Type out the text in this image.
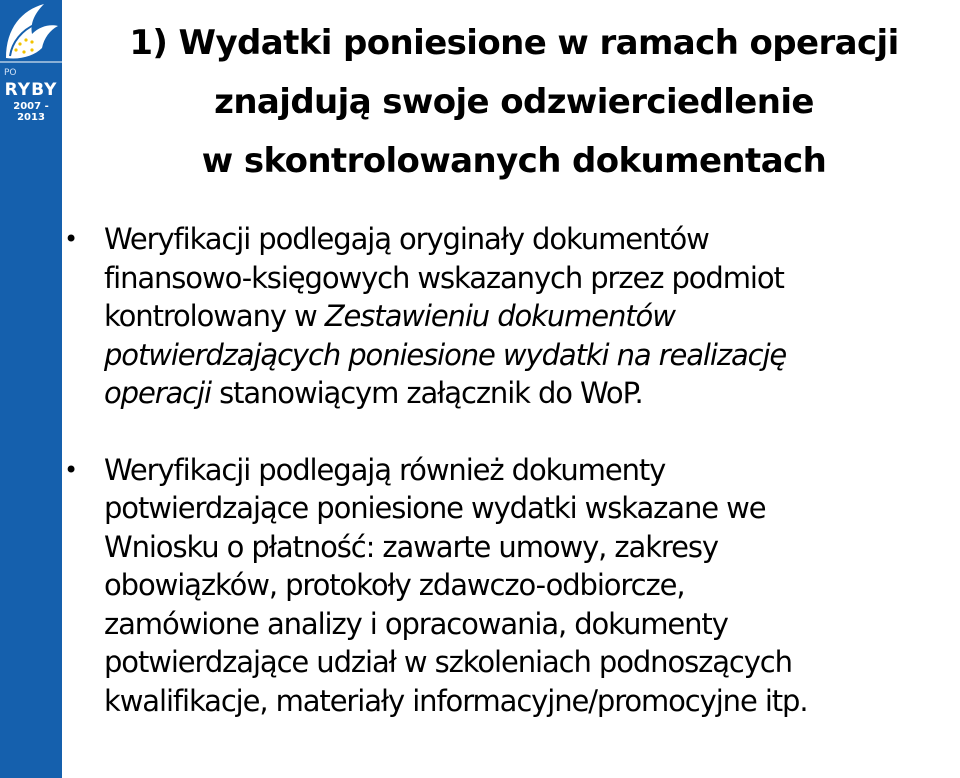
PO
RYBY
2007 - 2013
1) Wydatki poniesione w ramach operacji
znajdują swoje odzwierciedlenie
w skontrolowanych dokumentach
• Weryfikacji podlegają oryginały dokumentów
finansowo-księgowych wskazanych przez podmiot
kontrolowany w Zestawieniu dokumentów
potwierdzających poniesione wydatki na realizację
operacji stanowiącym załącznik do WoP.
• Weryfikacji podlegają również dokumenty
potwierdzające poniesione wydatki wskazane we
Wniosku o płatność: zawarte umowy, zakresy
obowiązków, protokoły zdawczo-odbiorcze,
zamówione analizy i opracowania, dokumenty
potwierdzające udział w szkoleniach podnoszących
kwalifikacje, materiały informacyjne/promocyjne itp.
